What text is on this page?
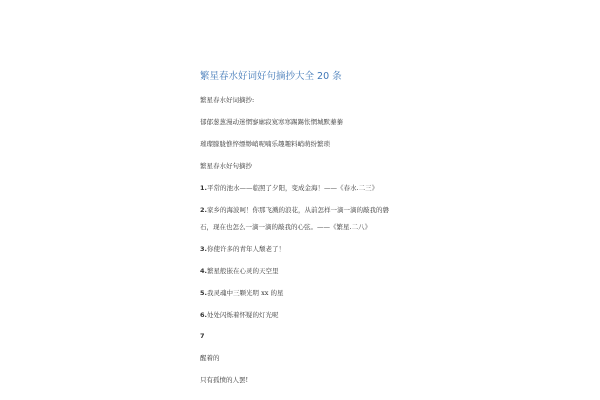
繁星春水好词好句摘抄大全 20 条
繁星春水好词摘抄:
郁郁葱葱漫动迷惘寥廓寂寞寒寒踢踢怅惘城默蓁蓁
璀璨朦胧憔悴缥缈峭呢喃乐趣趣料峭萌纷繁琐
繁星春水好句摘抄
1.平常的池水——临照了夕阳，变成金海！——《春水.二三》
2.家乡的海波呵！你那飞溅的浪花，从前怎样一滴一滴的敲我的磐
石，现在也怎么一滴一滴的敲我的心弦。——《繁星.二八》
3.你使许多的青年人颓老了！
4.繁星般嵌在心灵的天空里
5.我灵魂中三颗光明 xx 的星
6.处处闪烁着怀疑的灯光呢
7
醒着的
只有孤愤的人罢!
